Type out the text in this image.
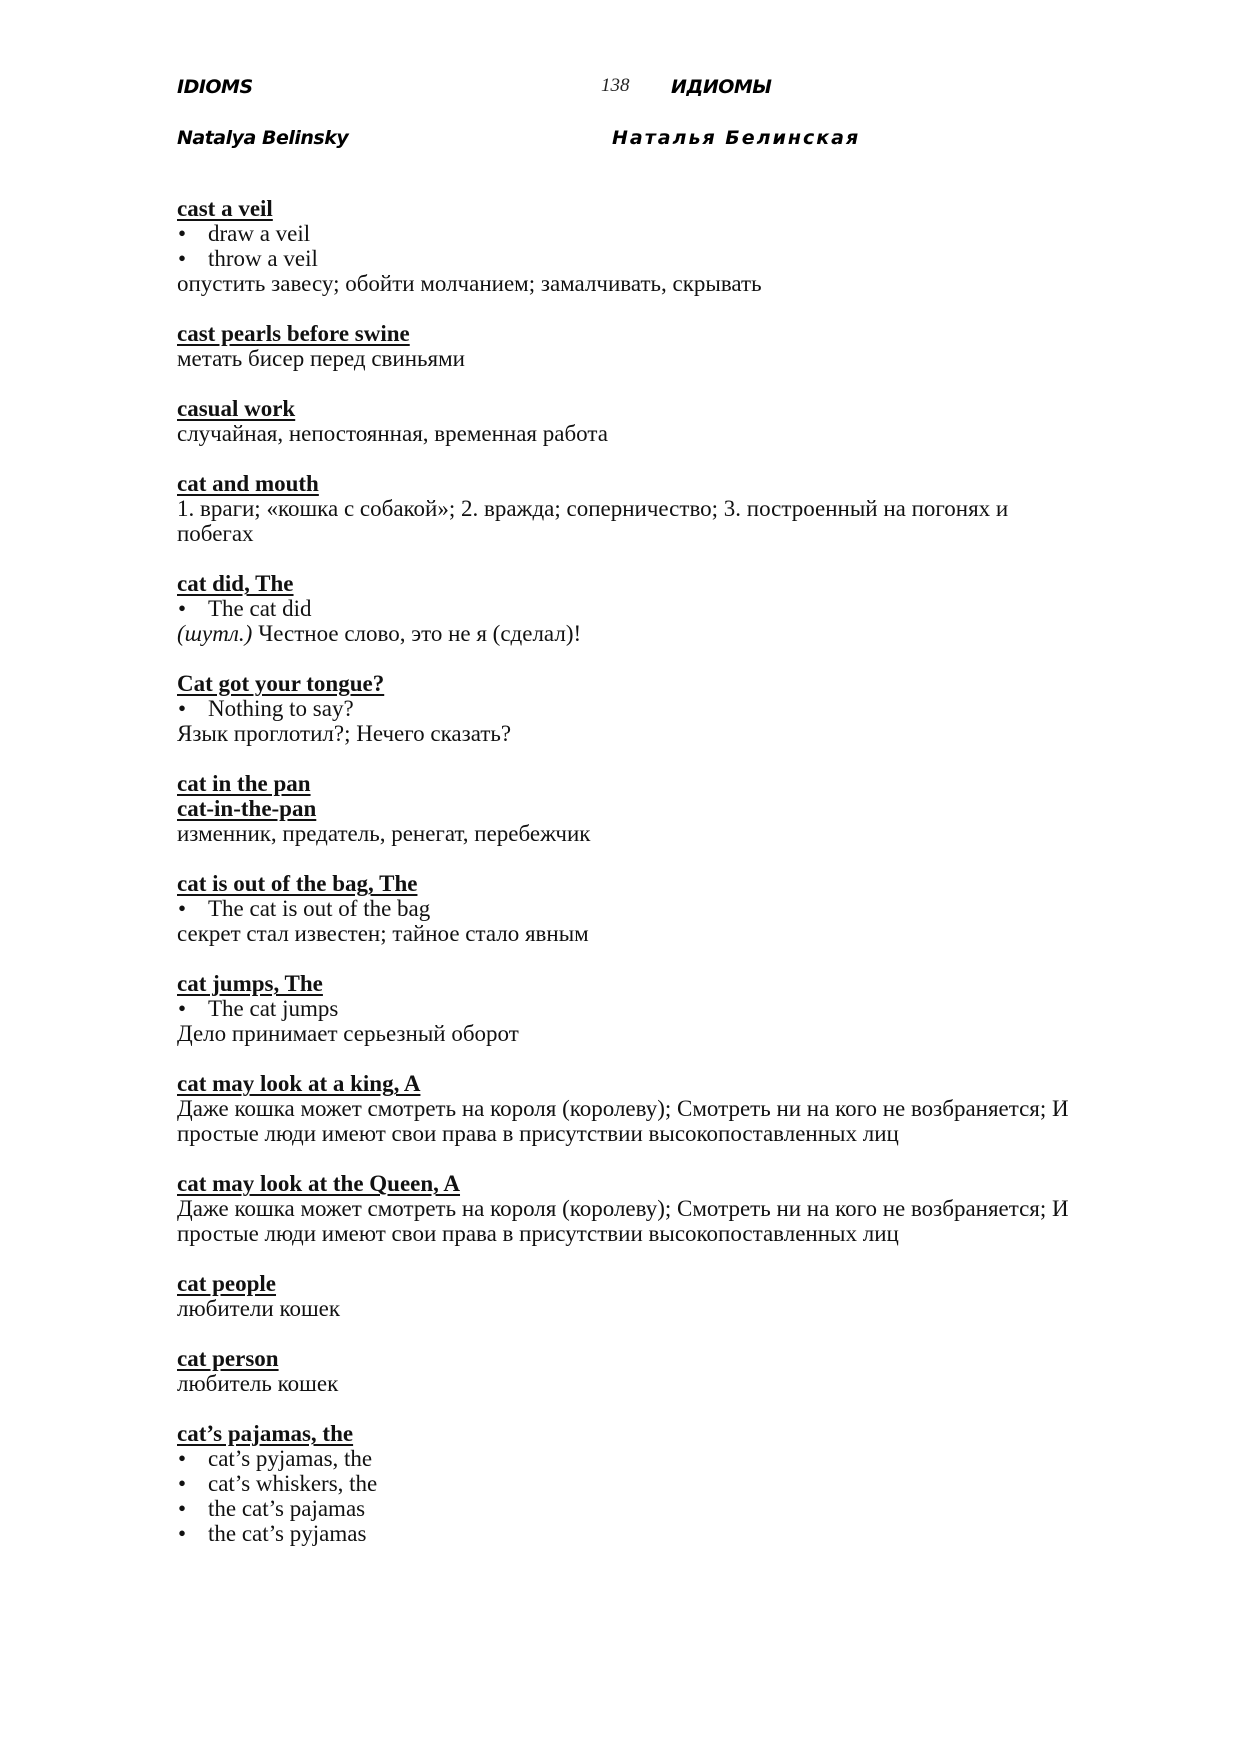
IDIOMS
Natalya Belinsky
138 ИДИОМЫ
Наталья Белинская
cast a veil
• draw a veil
• throw a veil
опустить завесу; обойти молчанием; замалчивать, скрывать
cast pearls before swine
метать бисер перед свиньями
casual work
случайная, непостоянная, временная работа
cat and mouth
1. враги; «кошка с собакой»; 2. вражда; соперничество; 3. построенный на погонях и побегах
cat did, The
• The cat did
(шутл.) Честное слово, это не я (сделал)!
Cat got your tongue?
• Nothing to say?
Язык проглотил?; Нечего сказать?
cat in the pan
cat-in-the-pan
изменник, предатель, ренегат, перебежчик
cat is out of the bag, The
• The cat is out of the bag
секрет стал известен; тайное стало явным
cat jumps, The
• The cat jumps
Дело принимает серьезный оборот
cat may look at a king, A
Даже кошка может смотреть на короля (королеву); Смотреть ни на кого не возбраняется; И простые люди имеют свои права в присутствии высокопоставленных лиц
cat may look at the Queen, A
Даже кошка может смотреть на короля (королеву); Смотреть ни на кого не возбраняется; И простые люди имеют свои права в присутствии высокопоставленных лиц
cat people
любители кошек
cat person
любитель кошек
cat’s pajamas, the
• cat’s pyjamas, the
• cat’s whiskers, the
• the cat’s pajamas
• the cat’s pyjamas
